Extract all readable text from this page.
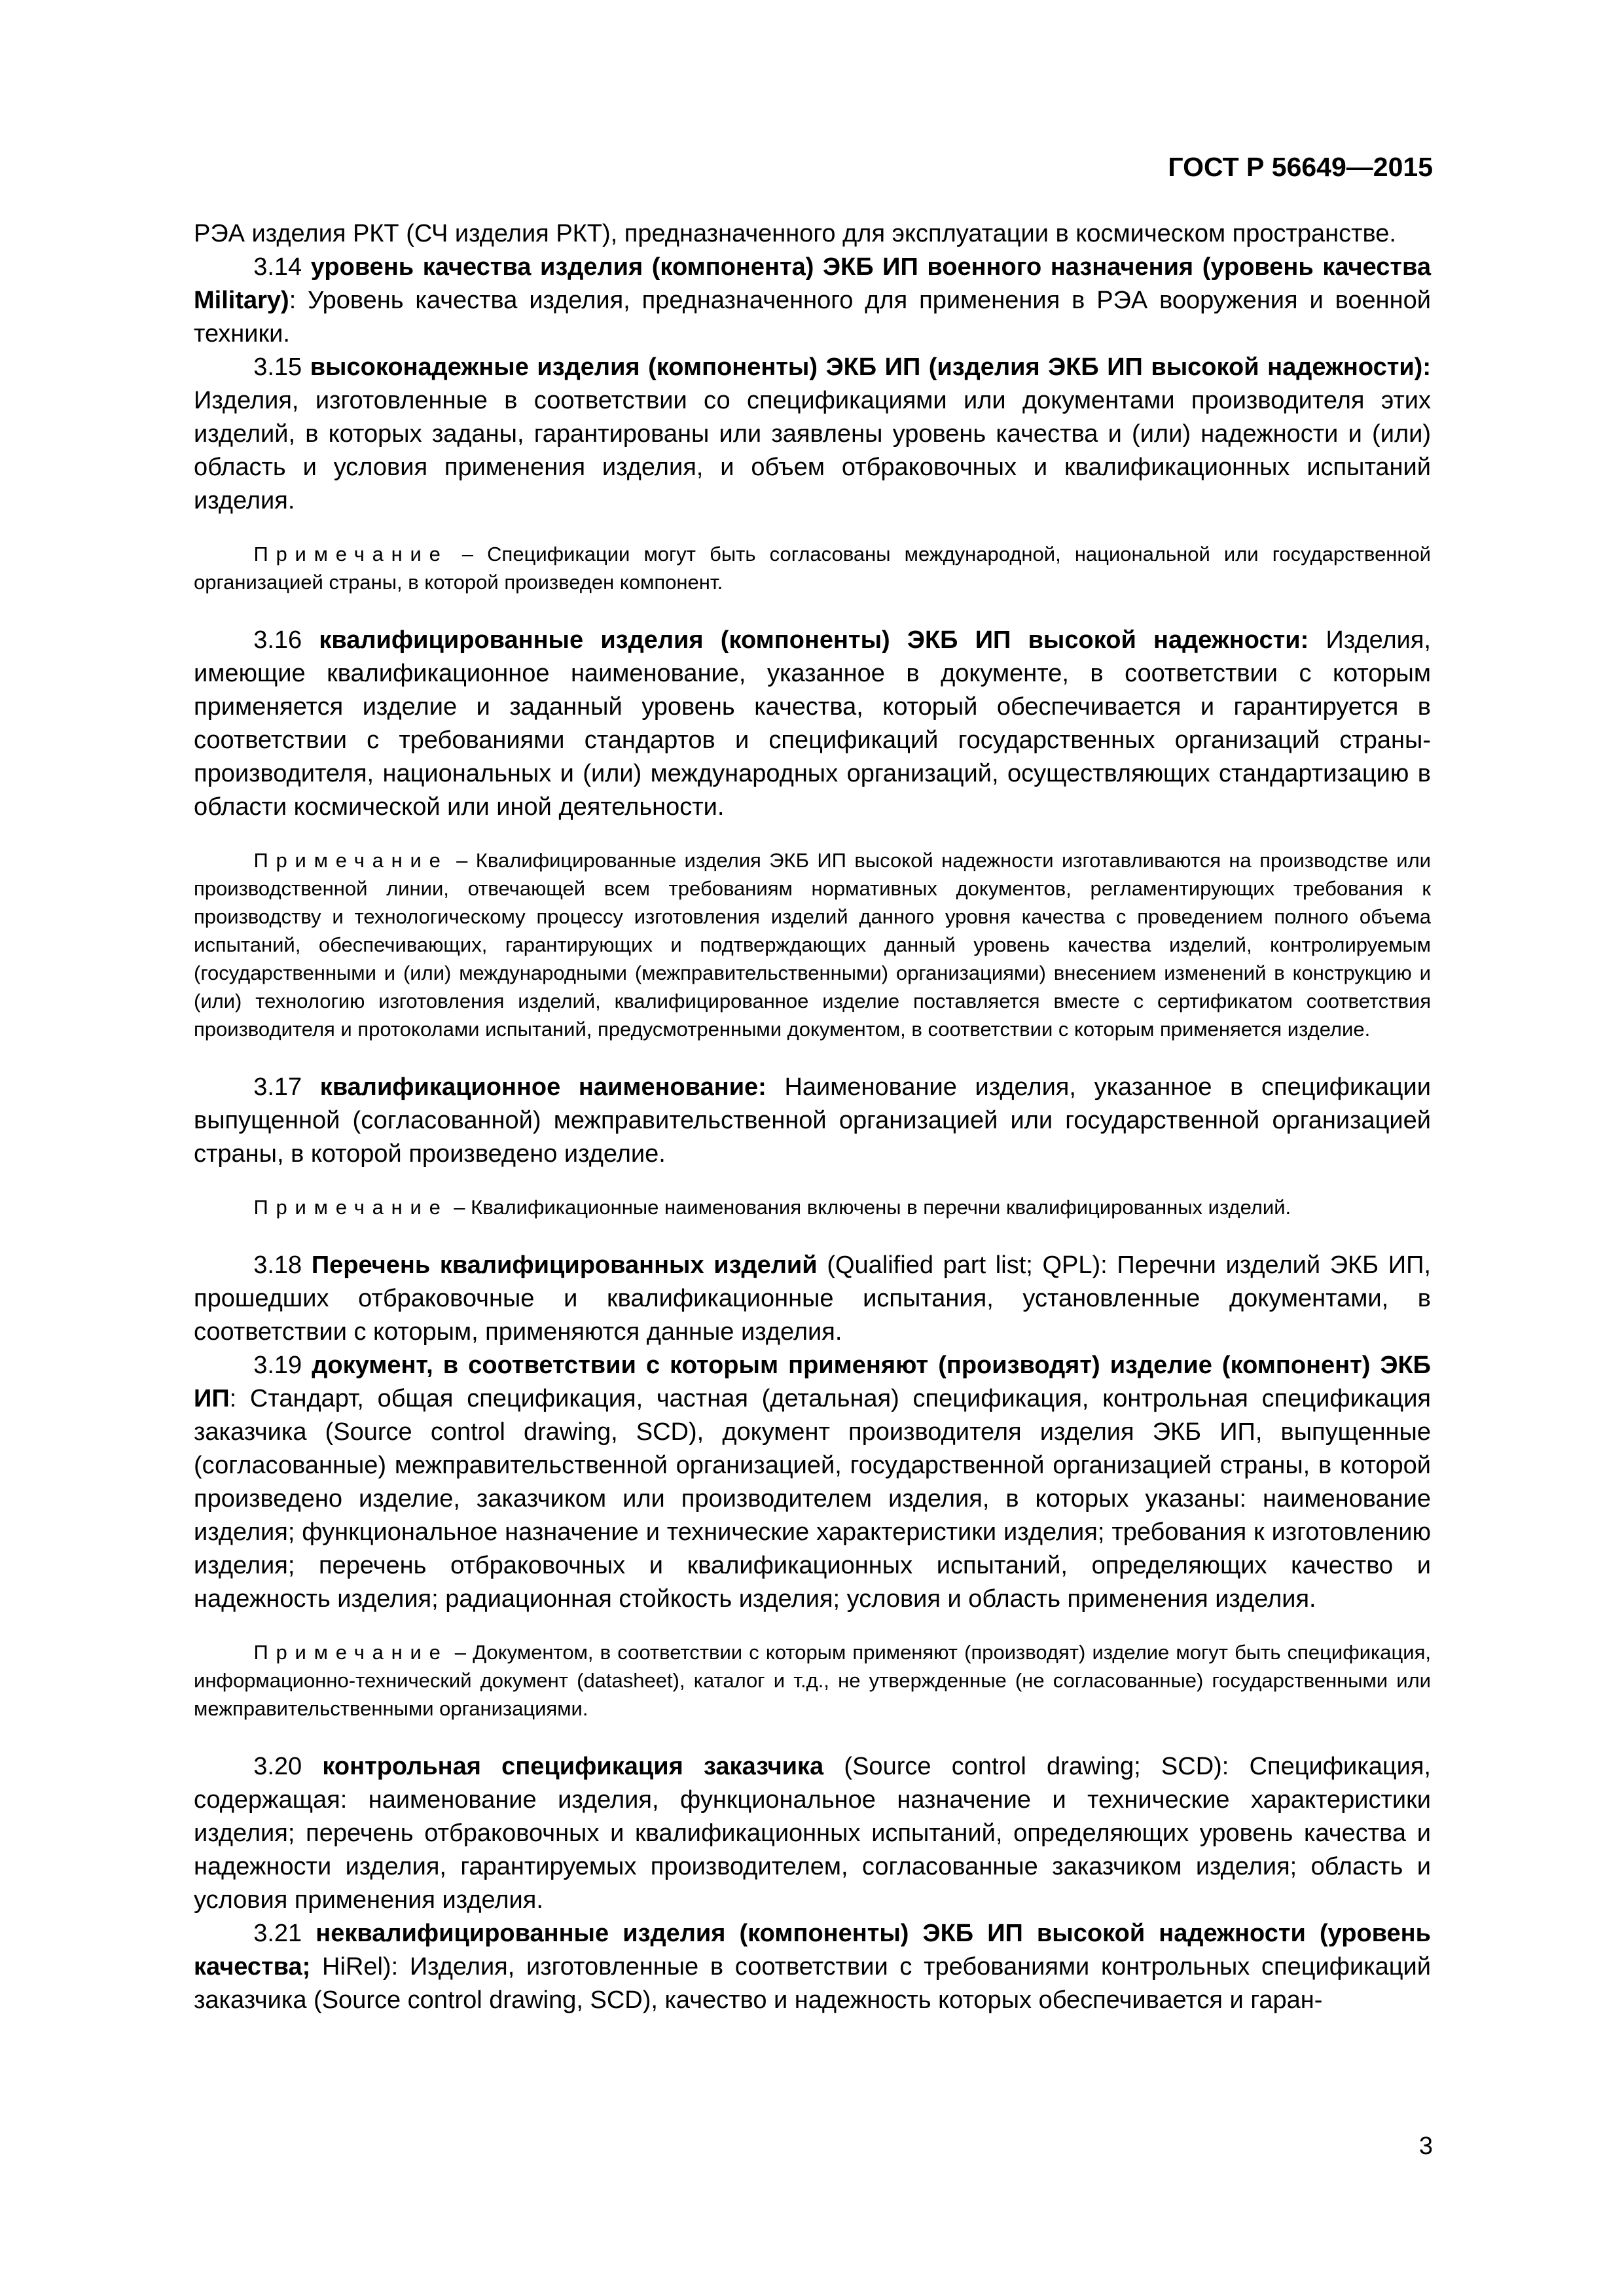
ГОСТ Р 56649—2015

РЭА изделия РКТ (СЧ изделия РКТ), предназначенного для эксплуатации в космическом пространстве.

3.14 уровень качества изделия (компонента) ЭКБ ИП военного назначения (уровень качества Military): Уровень качества изделия, предназначенного для применения в РЭА вооружения и военной техники.

3.15 высоконадежные изделия (компоненты) ЭКБ ИП (изделия ЭКБ ИП высокой надежности): Изделия, изготовленные в соответствии со спецификациями или документами производителя этих изделий, в которых заданы, гарантированы или заявлены уровень качества и (или) надежности и (или) область и условия применения изделия, и объем отбраковочных и квалификационных испытаний изделия.

Примечание – Спецификации могут быть согласованы международной, национальной или государственной организацией страны, в которой произведен компонент.

3.16 квалифицированные изделия (компоненты) ЭКБ ИП высокой надежности: Изделия, имеющие квалификационное наименование, указанное в документе, в соответствии с которым применяется изделие и заданный уровень качества, который обеспечивается и гарантируется в соответствии с требованиями стандартов и спецификаций государственных организаций страны-производителя, национальных и (или) международных организаций, осуществляющих стандартизацию в области космической или иной деятельности.

Примечание – Квалифицированные изделия ЭКБ ИП высокой надежности изготавливаются на производстве или производственной линии, отвечающей всем требованиям нормативных документов, регламентирующих требования к производству и технологическому процессу изготовления изделий данного уровня качества с проведением полного объема испытаний, обеспечивающих, гарантирующих и подтверждающих данный уровень качества изделий, контролируемым (государственными и (или) международными (межправительственными) организациями) внесением изменений в конструкцию и (или) технологию изготовления изделий, квалифицированное изделие поставляется вместе с сертификатом соответствия производителя и протоколами испытаний, предусмотренными документом, в соответствии с которым применяется изделие.

3.17 квалификационное наименование: Наименование изделия, указанное в спецификации выпущенной (согласованной) межправительственной организацией или государственной организацией страны, в которой произведено изделие.

Примечание – Квалификационные наименования включены в перечни квалифицированных изделий.

3.18 Перечень квалифицированных изделий (Qualified part list; QPL): Перечни изделий ЭКБ ИП, прошедших отбраковочные и квалификационные испытания, установленные документами, в соответствии с которым, применяются данные изделия.

3.19 документ, в соответствии с которым применяют (производят) изделие (компонент) ЭКБ ИП: Стандарт, общая спецификация, частная (детальная) спецификация, контрольная спецификация заказчика (Source control drawing, SCD), документ производителя изделия ЭКБ ИП, выпущенные (согласованные) межправительственной организацией, государственной организацией страны, в которой произведено изделие, заказчиком или производителем изделия, в которых указаны: наименование изделия; функциональное назначение и технические характеристики изделия; требования к изготовлению изделия; перечень отбраковочных и квалификационных испытаний, определяющих качество и надежность изделия; радиационная стойкость изделия; условия и область применения изделия.

Примечание – Документом, в соответствии с которым применяют (производят) изделие могут быть спецификация, информационно-технический документ (datasheet), каталог и т.д., не утвержденные (не согласованные) государственными или межправительственными организациями.

3.20 контрольная спецификация заказчика (Source control drawing; SCD): Спецификация, содержащая: наименование изделия, функциональное назначение и технические характеристики изделия; перечень отбраковочных и квалификационных испытаний, определяющих уровень качества и надежности изделия, гарантируемых производителем, согласованные заказчиком изделия; область и условия применения изделия.

3.21 неквалифицированные изделия (компоненты) ЭКБ ИП высокой надежности (уровень качества; HiRel): Изделия, изготовленные в соответствии с требованиями контрольных спецификаций заказчика (Source control drawing, SCD), качество и надежность которых обеспечивается и гаран-

3
